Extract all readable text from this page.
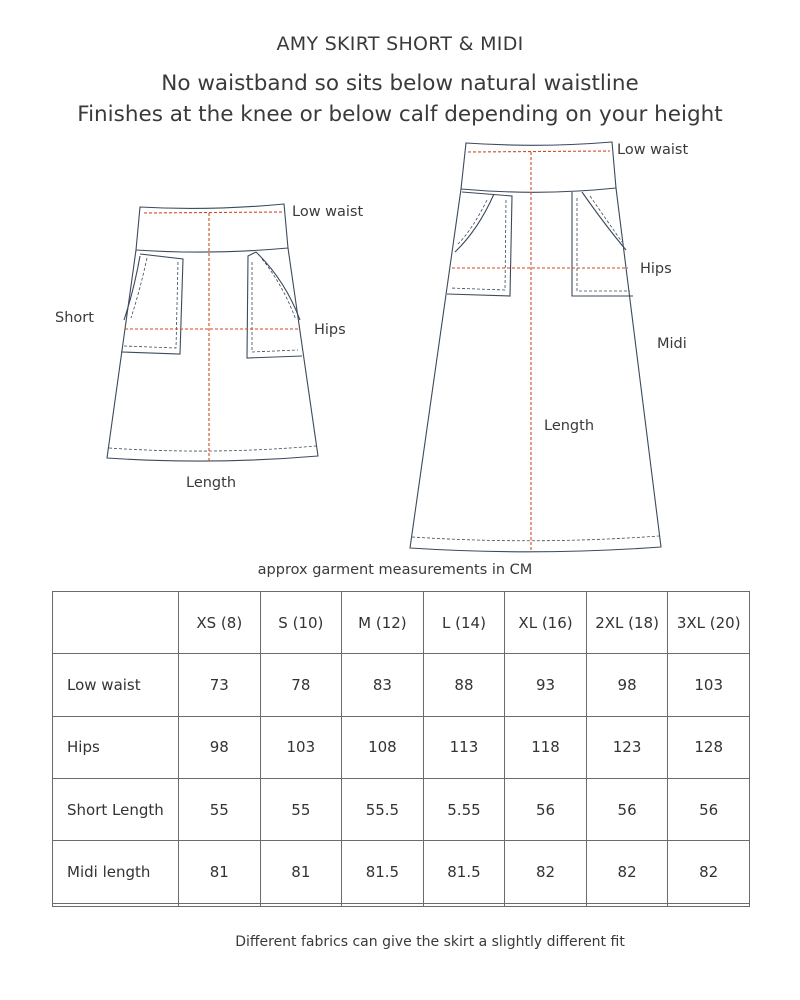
AMY SKIRT SHORT & MIDI
No waistband so sits below natural waistline
Finishes at the knee or below calf depending on your height
Low waist
Short
Hips
Length
Low waist
Hips
Midi
Length
approx garment measurements in CM
	XS (8)	S (10)	M (12)	L (14)	XL (16)	2XL (18)	3XL (20)
Low waist	73	78	83	88	93	98	103
Hips	98	103	108	113	118	123	128
Short Length	55	55	55.5	5.55	56	56	56
Midi length	81	81	81.5	81.5	82	82	82

Different fabrics can give the skirt a slightly different fit
